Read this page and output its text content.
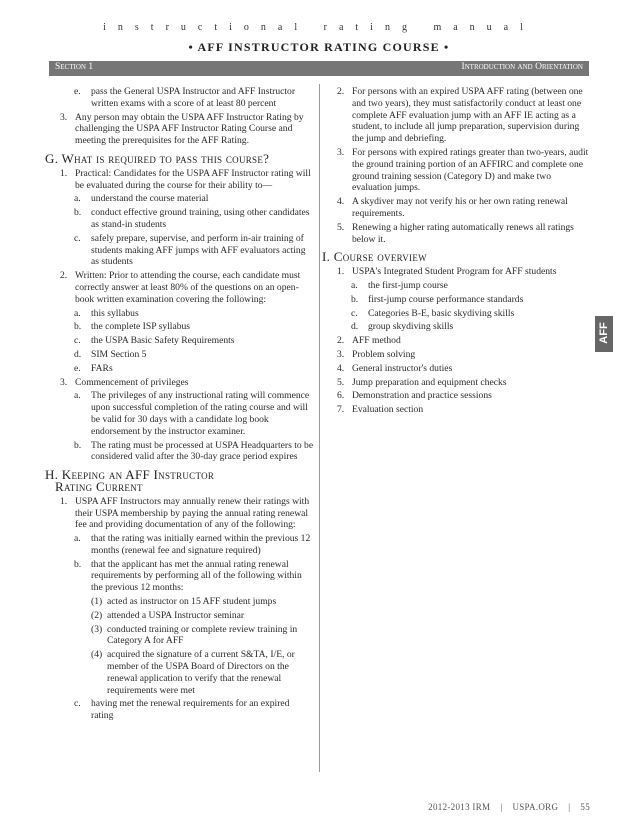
instructional rating manual
• AFF INSTRUCTOR RATING COURSE •
Section 1	Introduction and Orientation
e. pass the General USPA Instructor and AFF Instructor written exams with a score of at least 80 percent
3. Any person may obtain the USPA AFF Instructor Rating by challenging the USPA AFF Instructor Rating Course and meeting the prerequisites for the AFF Rating.
G. What is required to pass this course?
1. Practical: Candidates for the USPA AFF Instructor rating will be evaluated during the course for their ability to—
a. understand the course material
b. conduct effective ground training, using other candidates as stand-in students
c. safely prepare, supervise, and perform in-air training of students making AFF jumps with AFF evaluators acting as students
2. Written: Prior to attending the course, each candidate must correctly answer at least 80% of the questions on an open-book written examination covering the following:
a. this syllabus
b. the complete ISP syllabus
c. the USPA Basic Safety Requirements
d. SIM Section 5
e. FARs
3. Commencement of privileges
a. The privileges of any instructional rating will commence upon successful completion of the rating course and will be valid for 30 days with a candidate log book endorsement by the instructor examiner.
b. The rating must be processed at USPA Headquarters to be considered valid after the 30-day grace period expires
H. Keeping an AFF Instructor
Rating Current
1. USPA AFF Instructors may annually renew their ratings with their USPA membership by paying the annual rating renewal fee and providing documentation of any of the following:
a. that the rating was initially earned within the previous 12 months (renewal fee and signature required)
b. that the applicant has met the annual rating renewal requirements by performing all of the following within the previous 12 months:
(1) acted as instructor on 15 AFF student jumps
(2) attended a USPA Instructor seminar
(3) conducted training or complete review training in Category A for AFF
(4) acquired the signature of a current S&TA, I/E, or member of the USPA Board of Directors on the renewal application to verify that the renewal requirements were met
c. having met the renewal requirements for an expired rating
2. For persons with an expired USPA AFF rating (between one and two years), they must satisfactorily conduct at least one complete AFF evaluation jump with an AFF IE acting as a student, to include all jump preparation, supervision during the jump and debriefing.
3. For persons with expired ratings greater than two-years, audit the ground training portion of an AFFIRC and complete one ground training session (Category D) and make two evaluation jumps.
4. A skydiver may not verify his or her own rating renewal requirements.
5. Renewing a higher rating automatically renews all ratings below it.
I. Course overview
1. USPA's Integrated Student Program for AFF students
a. the first-jump course
b. first-jump course performance standards
c. Categories B-E, basic skydiving skills
d. group skydiving skills
2. AFF method
3. Problem solving
4. General instructor's duties
5. Jump preparation and equipment checks
6. Demonstration and practice sessions
7. Evaluation section
AFF
2012-2013 IRM | USPA.ORG | 55
